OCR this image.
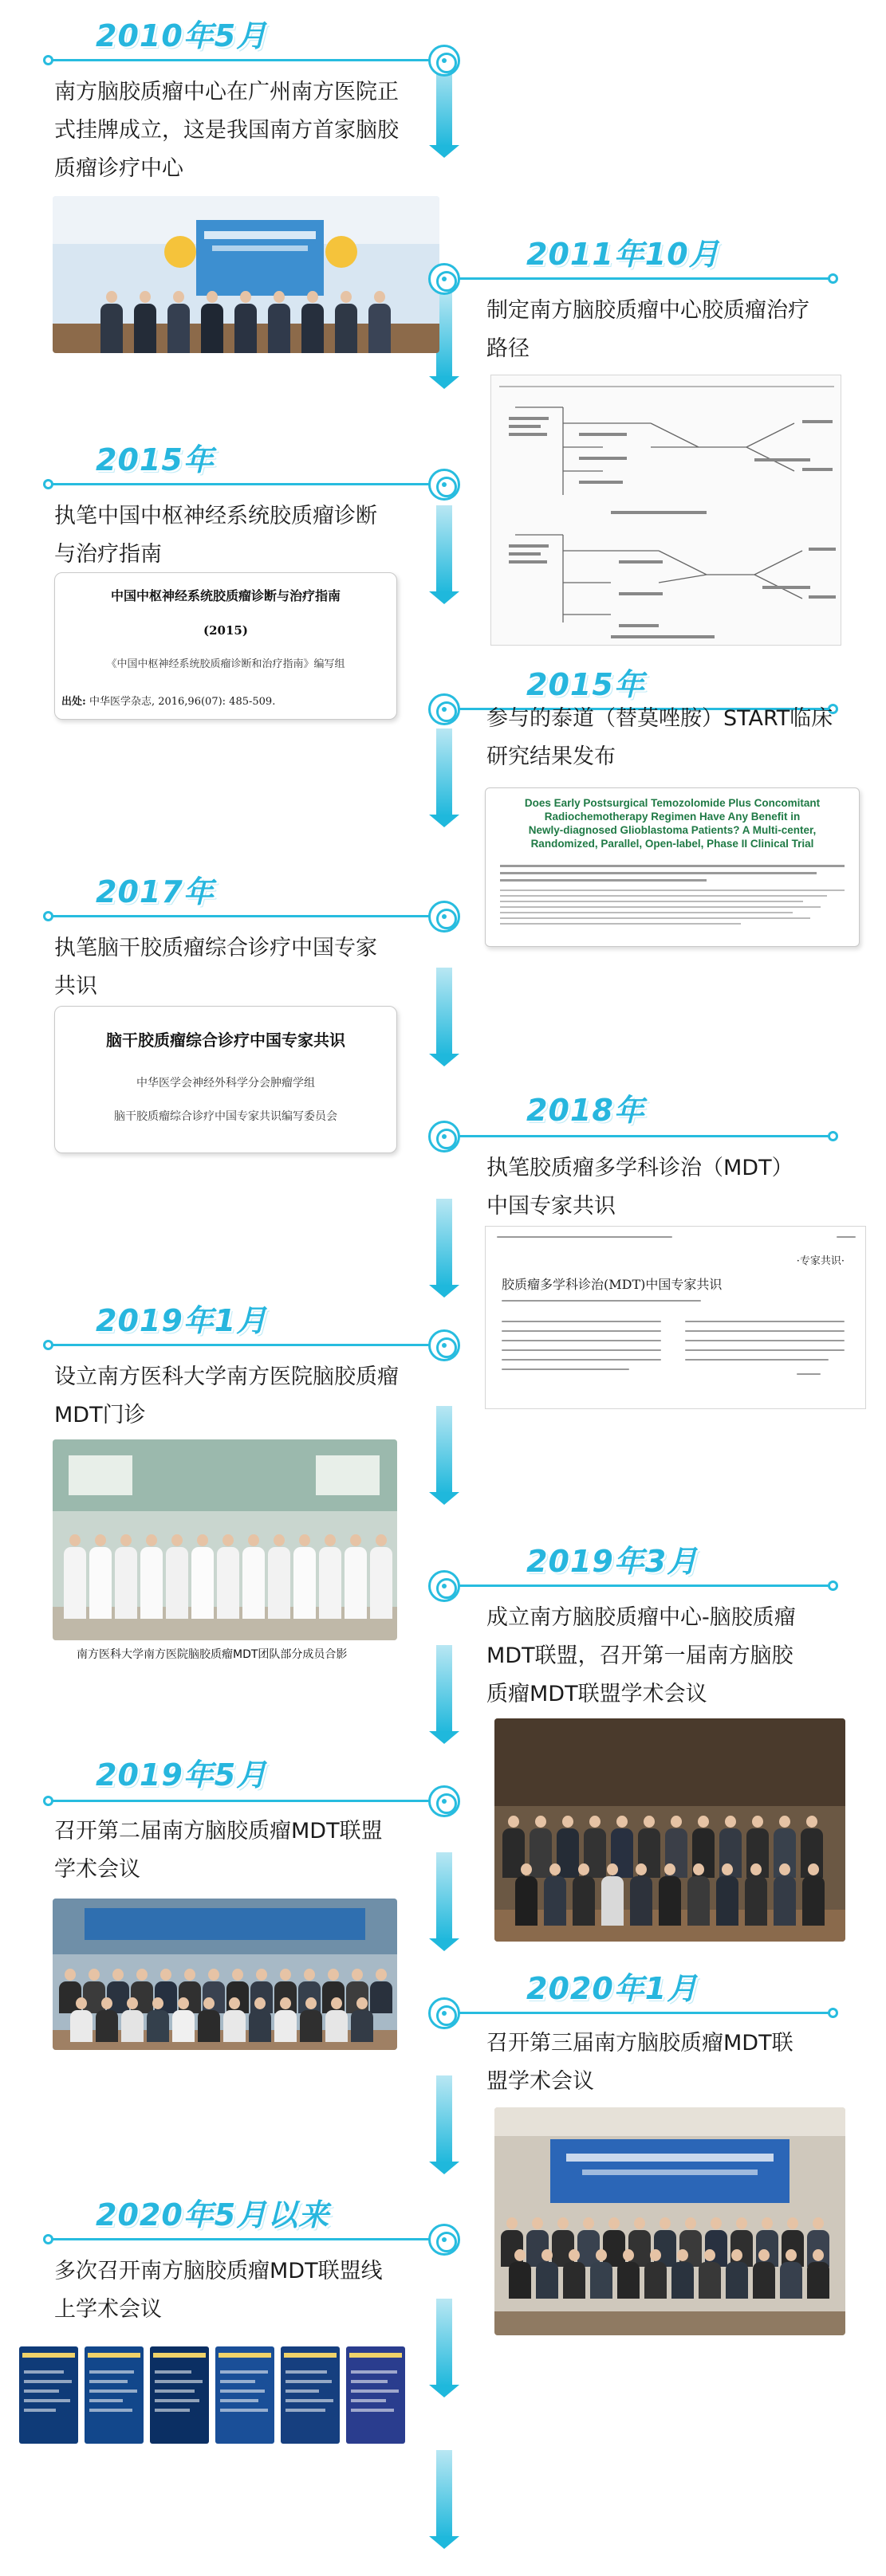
2010年5月
南方脑胶质瘤中心在广州南方医院正
式挂牌成立，这是我国南方首家脑胶
质瘤诊疗中心
2011年10月
制定南方脑胶质瘤中心胶质瘤治疗
路径
2015年
执笔中国中枢神经系统胶质瘤诊断
与治疗指南
中国中枢神经系统胶质瘤诊断与治疗指南
(2015)
《中国中枢神经系统胶质瘤诊断和治疗指南》编写组
出处: 中华医学杂志, 2016,96(07): 485-509.	2015年
参与的泰道（替莫唑胺）START临床
研究结果发布
Does Early Postsurgical Temozolomide Plus Concomitant
Radiochemotherapy Regimen Have Any Benefit in
Newly-diagnosed Glioblastoma Patients? A Multi-center,
Randomized, Parallel, Open-label, Phase II Clinical Trial
2017年
执笔脑干胶质瘤综合诊疗中国专家
共识
脑干胶质瘤综合诊疗中国专家共识
中华医学会神经外科学分会肿瘤学组
脑干胶质瘤综合诊疗中国专家共识编写委员会	2018年
执笔胶质瘤多学科诊治（MDT）
中国专家共识
·专家共识·
胶质瘤多学科诊治(MDT)中国专家共识
2019年1月
设立南方医科大学南方医院脑胶质瘤
MDT门诊
南方医科大学南方医院脑胶质瘤MDT团队部分成员合影
2019年3月
成立南方脑胶质瘤中心-脑胶质瘤
MDT联盟，召开第一届南方脑胶
质瘤MDT联盟学术会议
2019年5月
召开第二届南方脑胶质瘤MDT联盟
学术会议
2020年1月
召开第三届南方脑胶质瘤MDT联
盟学术会议
2020年5月以来
多次召开南方脑胶质瘤MDT联盟线
上学术会议
